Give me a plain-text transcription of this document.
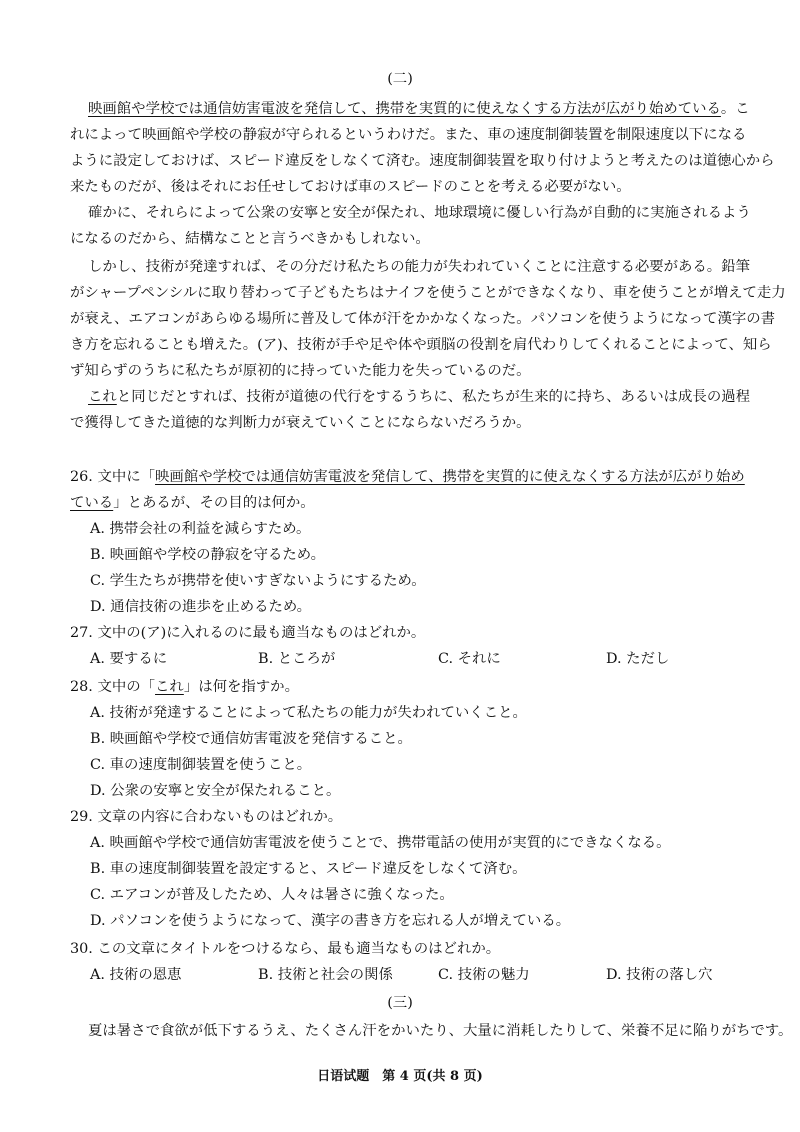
(二)
映画館や学校では通信妨害電波を発信して、携帯を実質的に使えなくする方法が広がり始めている。こ
れによって映画館や学校の静寂が守られるというわけだ。また、車の速度制御装置を制限速度以下になる
ように設定しておけば、スピード違反をしなくて済む。速度制御装置を取り付けようと考えたのは道徳心から
来たものだが、後はそれにお任せしておけば車のスピードのことを考える必要がない。
確かに、それらによって公衆の安寧と安全が保たれ、地球環境に優しい行為が自動的に実施されるよう
になるのだから、結構なことと言うべきかもしれない。
しかし、技術が発達すれば、その分だけ私たちの能力が失われていくことに注意する必要がある。鉛筆
がシャープペンシルに取り替わって子どもたちはナイフを使うことができなくなり、車を使うことが増えて走力
が衰え、エアコンがあらゆる場所に普及して体が汗をかかなくなった。パソコンを使うようになって漢字の書
き方を忘れることも増えた。(ア)、技術が手や足や体や頭脳の役割を肩代わりしてくれることによって、知ら
ず知らずのうちに私たちが原初的に持っていた能力を失っているのだ。
これと同じだとすれば、技術が道徳の代行をするうちに、私たちが生来的に持ち、あるいは成長の過程
で獲得してきた道徳的な判断力が衰えていくことにならないだろうか。
26. 文中に「映画館や学校では通信妨害電波を発信して、携帯を実質的に使えなくする方法が広がり始め
ている」とあるが、その目的は何か。
A. 携帯会社の利益を減らすため。
B. 映画館や学校の静寂を守るため。
C. 学生たちが携帯を使いすぎないようにするため。
D. 通信技術の進歩を止めるため。
27. 文中の(ア)に入れるのに最も適当なものはどれか。
A. 要するに	B. ところが	C. それに	D. ただし
28. 文中の「これ」は何を指すか。
A. 技術が発達することによって私たちの能力が失われていくこと。
B. 映画館や学校で通信妨害電波を発信すること。
C. 車の速度制御装置を使うこと。
D. 公衆の安寧と安全が保たれること。
29. 文章の内容に合わないものはどれか。
A. 映画館や学校で通信妨害電波を使うことで、携帯電話の使用が実質的にできなくなる。
B. 車の速度制御装置を設定すると、スピード違反をしなくて済む。
C. エアコンが普及したため、人々は暑さに強くなった。
D. パソコンを使うようになって、漢字の書き方を忘れる人が増えている。
30. この文章にタイトルをつけるなら、最も適当なものはどれか。
A. 技術の恩恵	B. 技術と社会の関係	C. 技術の魅力	D. 技術の落し穴
(三)
夏は暑さで食欲が低下するうえ、たくさん汗をかいたり、大量に消耗したりして、栄養不足に陥りがちです。
日语试题　第 4 页(共 8 页)
